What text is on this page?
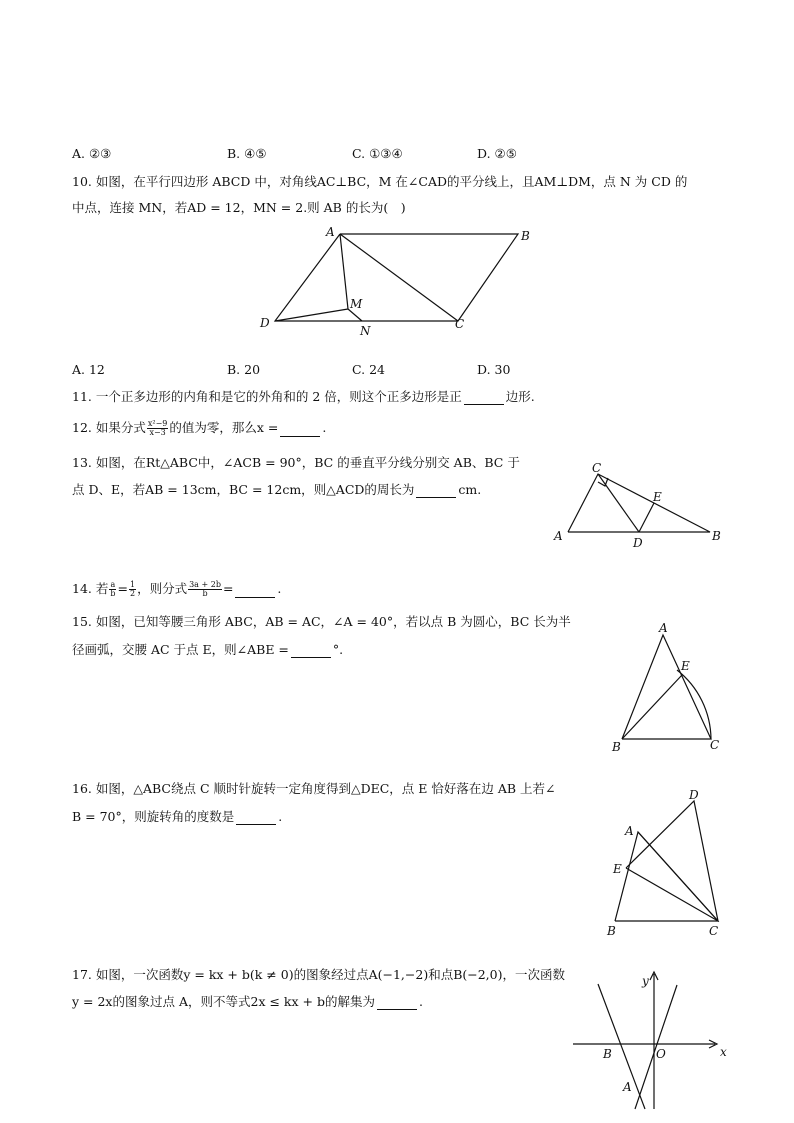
A. ②③	B. ④⑤	C. ①③④	D. ②⑤
10. 如图，在平行四边形 ABCD 中，对角线AC⊥BC，M 在∠CAD的平分线上，且AM⊥DM，点 N 为 CD 的
中点，连接 MN，若AD = 12，MN = 2.则 AB 的长为(　)
A	B
C
D
M
N
A. 12	B. 20	C. 24	D. 30
11. 一个正多边形的内角和是它的外角和的 2 倍，则这个正多边形是正	边形.
12. 如果分式 $\frac{\text{x²−9}}{x-3}$ 的值为零，那么x =	.
13. 如图，在Rt△ABC中，∠ACB = 90°，BC 的垂直平分线分别交 AB、BC 于
点 D、E，若AB = 13cm，BC = 12cm，则△ACD的周长为	cm.
A	B
C
D
E
14. 若 $\frac{a}{b} = \frac{1}{2}$ ，则分式 $\frac{3a + 2b}{b}$ =	.
15. 如图，已知等腰三角形 ABC，AB = AC，∠A = 40°，若以点 B 为圆心，BC 长为半
径画弧，交腰 AC 于点 E，则∠ABE =	°.
A
B	C
E
16. 如图，△ABC绕点 C 顺时针旋转一定角度得到△DEC，点 E 恰好落在边 AB 上若∠
B = 70°，则旋转角的度数是	.
A
B	C
D
E
17. 如图，一次函数y = kx + b(k ≠ 0)的图象经过点A(−1,−2)和点B(−2,0)，一次函数
y = 2x的图象过点 A，则不等式2x ≤ kx + b的解集为	.
x
y
O
B
A
